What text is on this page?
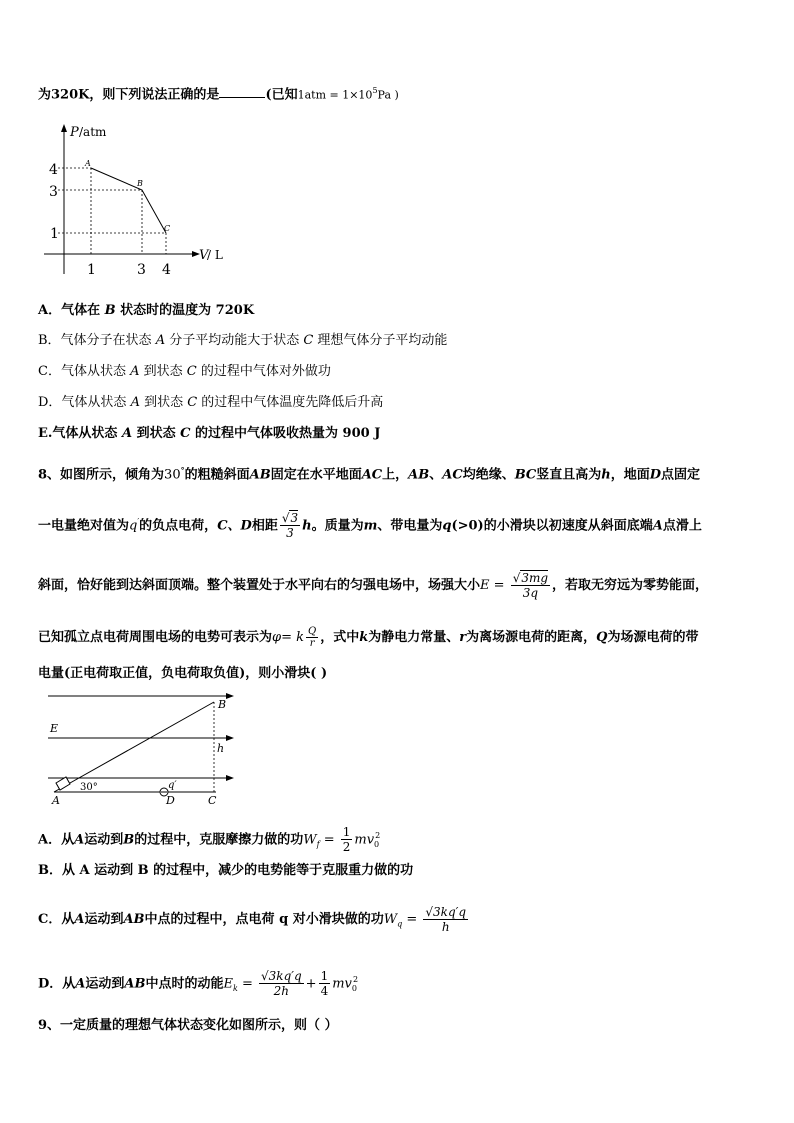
为320K，则下列说法正确的是	(已知$1atm = 1\times 10^5Pa$ )
P /atm
V
/ L
4
3
1
1	3 4
A
B
C
A．气体在 B 状态时的温度为 720K
B．气体分子在状态 A 分子平均动能大于状态 C 理想气体分子平均动能
C．气体从状态 A 到状态 C 的过程中气体对外做功
D．气体从状态 A 到状态 C 的过程中气体温度先降低后升高
E.气体从状态 A 到状态 C 的过程中气体吸收热量为 900 J
8、如图所示，倾角为30°的粗糙斜面AB固定在水平地面AC上，AB、AC均绝缘、BC竖直且高为h，地面D点固定
一电量绝对值为q′的负点电荷，C、D相距 $\frac{√3}{3}$ h。质量为m、带电量为q(>0)的小滑块以初速度从斜面底端A点滑上
斜面，恰好能到达斜面顶端。整个装置处于水平向右的匀强电场中，场强大小$E = \frac{√3mg}{3q}$ ，若取无穷远为零势能面，
已知孤立点电荷周围电场的电势可表示为φ= k $\frac{Q}{r}$ ，式中k为静电力常量、r为离场源电荷的距离，Q为场源电荷的带
电量(正电荷取正值，负电荷取负值)，则小滑块( )
E
B
h
A
30°	q′
D	C
A．从A运动到B的过程中，克服摩擦力做的功$W_f = \frac{1}{2} mv_0^2$
B．从 A 运动到 B 的过程中，减少的电势能等于克服重力做的功
C．从A运动到AB中点的过程中，点电荷 q 对小滑块做的功$W_q = \frac{√3kq'q}{h}$
D．从A运动到AB中点时的动能$E_k = \frac{√3kq'q}{2h} + \frac{1}{4} mv_0^2$
9、一定质量的理想气体状态变化如图所示，则（ ）
